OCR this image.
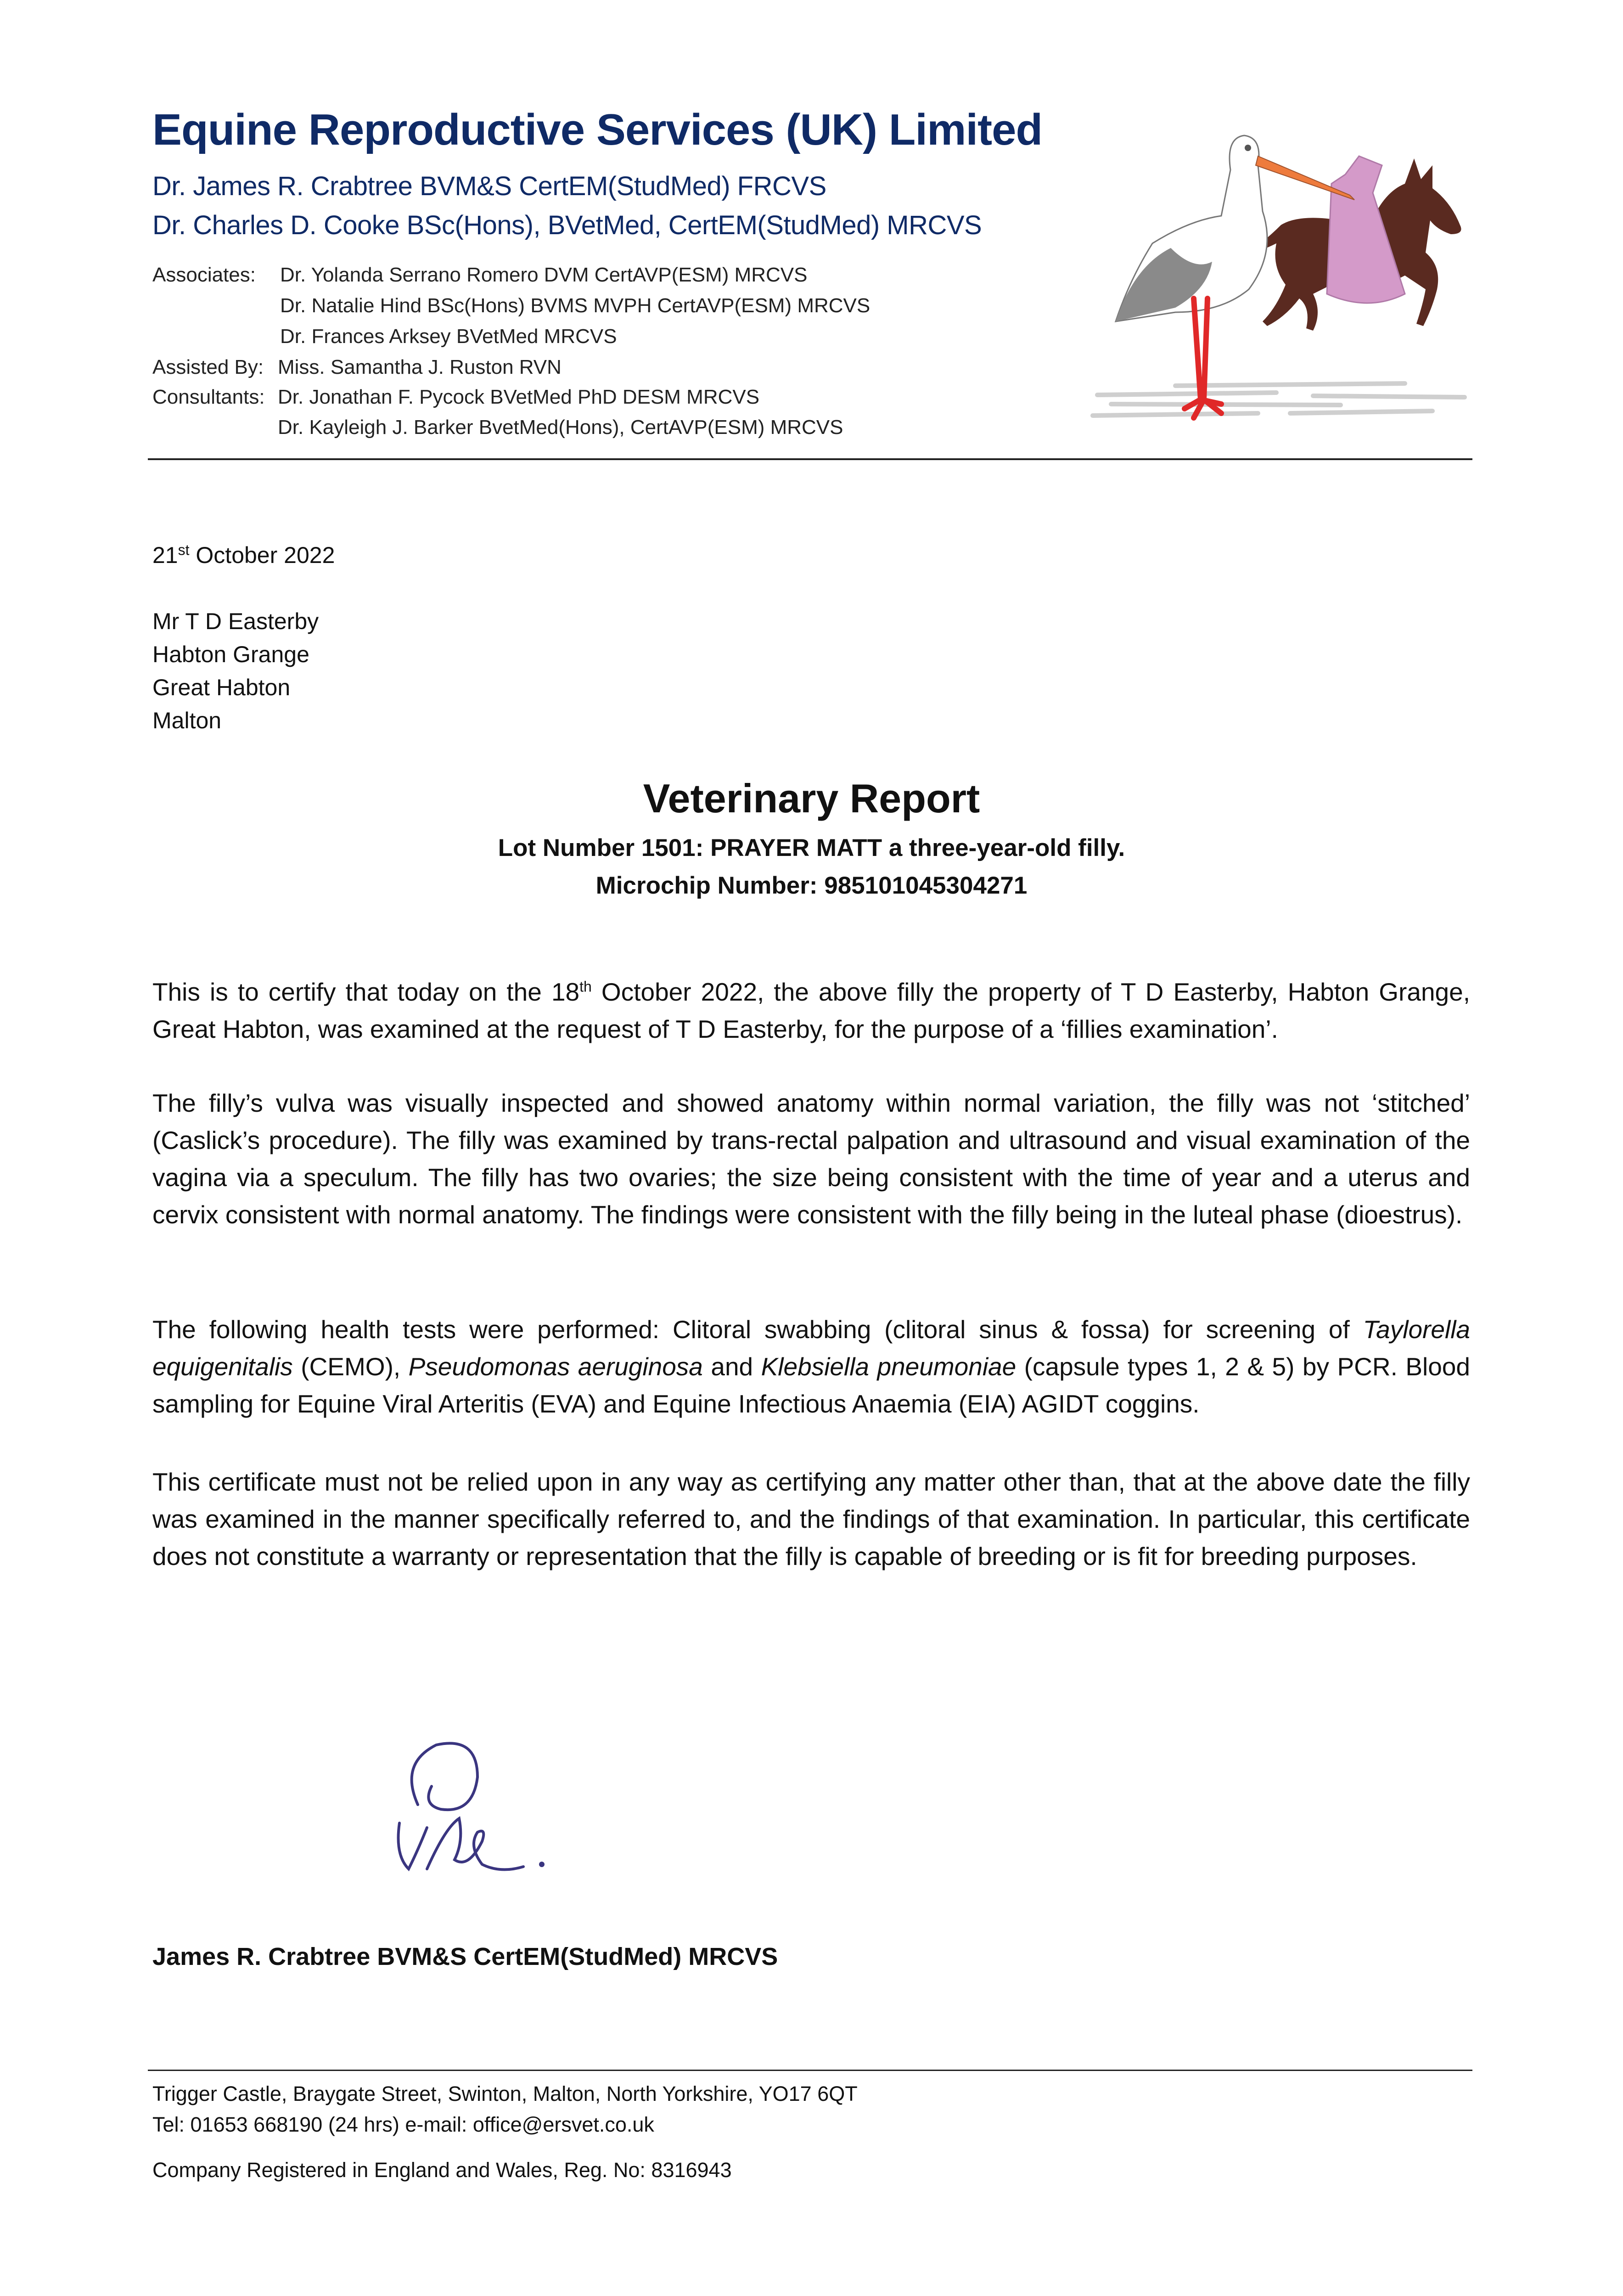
Equine Reproductive Services (UK) Limited
Dr. James R. Crabtree BVM&S CertEM(StudMed) FRCVS
Dr. Charles D. Cooke BSc(Hons), BVetMed, CertEM(StudMed) MRCVS
Associates: Dr. Yolanda Serrano Romero DVM CertAVP(ESM) MRCVS
Dr. Natalie Hind BSc(Hons) BVMS MVPH CertAVP(ESM) MRCVS
Dr. Frances Arksey BVetMed MRCVS
Assisted By: Miss. Samantha J. Ruston RVN
Consultants: Dr. Jonathan F. Pycock BVetMed PhD DESM MRCVS
Dr. Kayleigh J. Barker BvetMed(Hons), CertAVP(ESM) MRCVS
21st October 2022
Mr T D Easterby
Habton Grange
Great Habton
Malton
Veterinary Report
Lot Number 1501: PRAYER MATT a three-year-old filly.
Microchip Number: 985101045304271
This is to certify that today on the 18th October 2022, the above filly the property of T D Easterby, Habton Grange, Great Habton, was examined at the request of T D Easterby, for the purpose of a ‘fillies examination’.
The filly’s vulva was visually inspected and showed anatomy within normal variation, the filly was not ‘stitched’ (Caslick’s procedure). The filly was examined by trans-rectal palpation and ultrasound and visual examination of the vagina via a speculum. The filly has two ovaries; the size being consistent with the time of year and a uterus and cervix consistent with normal anatomy. The findings were consistent with the filly being in the luteal phase (dioestrus).
The following health tests were performed: Clitoral swabbing (clitoral sinus & fossa) for screening of Taylorella equigenitalis (CEMO), Pseudomonas aeruginosa and Klebsiella pneumoniae (capsule types 1, 2 & 5) by PCR. Blood sampling for Equine Viral Arteritis (EVA) and Equine Infectious Anaemia (EIA) AGIDT coggins.
This certificate must not be relied upon in any way as certifying any matter other than, that at the above date the filly was examined in the manner specifically referred to, and the findings of that examination. In particular, this certificate does not constitute a warranty or representation that the filly is capable of breeding or is fit for breeding purposes.
James R. Crabtree BVM&S CertEM(StudMed) MRCVS
Trigger Castle, Braygate Street, Swinton, Malton, North Yorkshire, YO17 6QT
Tel: 01653 668190 (24 hrs) e-mail: office@ersvet.co.uk
Company Registered in England and Wales, Reg. No: 8316943
